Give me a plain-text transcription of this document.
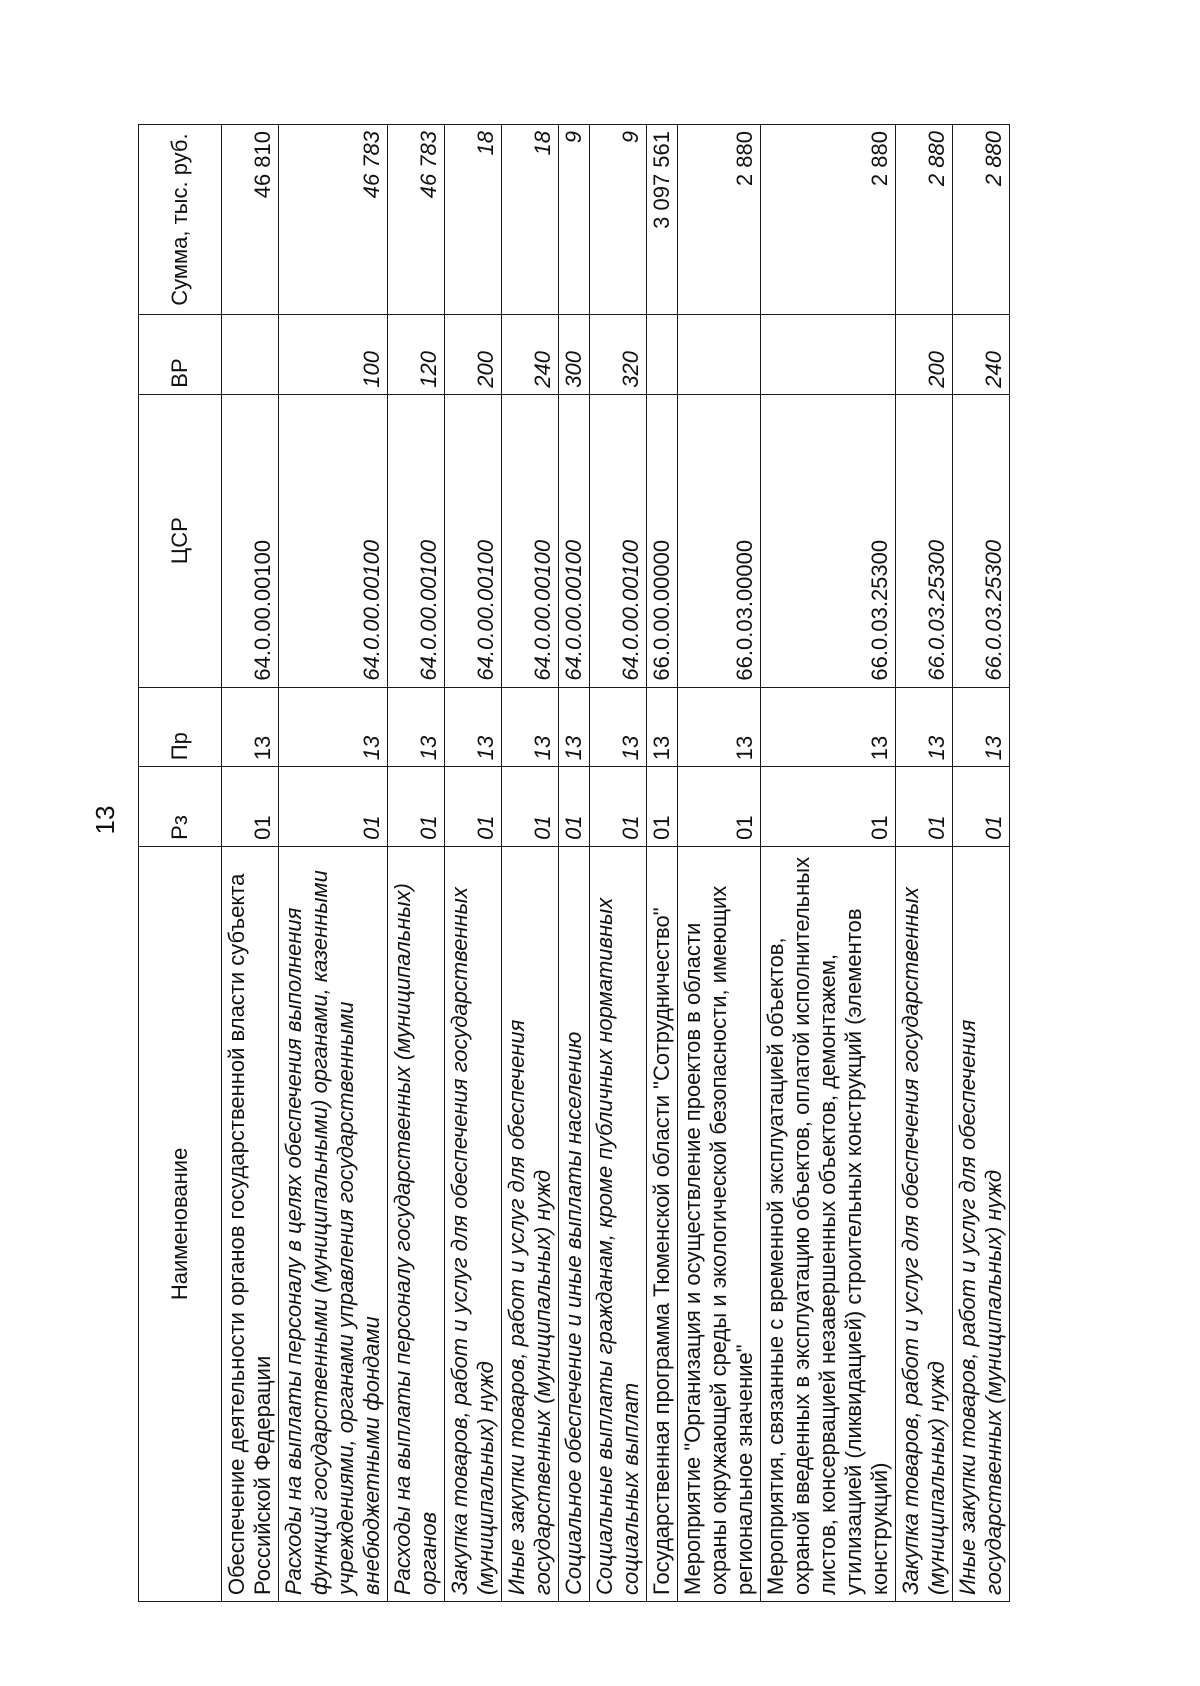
13
Наименование	Рз	Пр	ЦСР	ВР	Сумма, тыс. руб.
Обеспечение деятельности органов государственной власти субъекта Российской Федерации	01	13	64.0.00.00100		46 810
Расходы на выплаты персоналу в целях обеспечения выполнения функций государственными (муниципальными) органами, казенными учреждениями, органами управления государственными внебюджетными фондами	01	13	64.0.00.00100	100	46 783
Расходы на выплаты персоналу государственных (муниципальных) органов	01	13	64.0.00.00100	120	46 783
Закупка товаров, работ и услуг для обеспечения государственных (муниципальных) нужд	01	13	64.0.00.00100	200	18
Иные закупки товаров, работ и услуг для обеспечения государственных (муниципальных) нужд	01	13	64.0.00.00100	240	18
Социальное обеспечение и иные выплаты населению	01	13	64.0.00.00100	300	9
Социальные выплаты гражданам, кроме публичных нормативных социальных выплат	01	13	64.0.00.00100	320	9
Государственная программа Тюменской области "Сотрудничество"	01	13	66.0.00.00000		3 097 561
Мероприятие "Организация и осуществление проектов в области охраны окружающей среды и экологической безопасности, имеющих региональное значение"	01	13	66.0.03.00000		2 880
Мероприятия, связанные с временной эксплуатацией объектов, охраной введенных в эксплуатацию объектов, оплатой исполнительных листов, консервацией незавершенных объектов, демонтажем, утилизацией (ликвидацией) строительных конструкций (элементов конструкций)	01	13	66.0.03.25300		2 880
Закупка товаров, работ и услуг для обеспечения государственных (муниципальных) нужд	01	13	66.0.03.25300	200	2 880
Иные закупки товаров, работ и услуг для обеспечения государственных (муниципальных) нужд	01	13	66.0.03.25300	240	2 880
